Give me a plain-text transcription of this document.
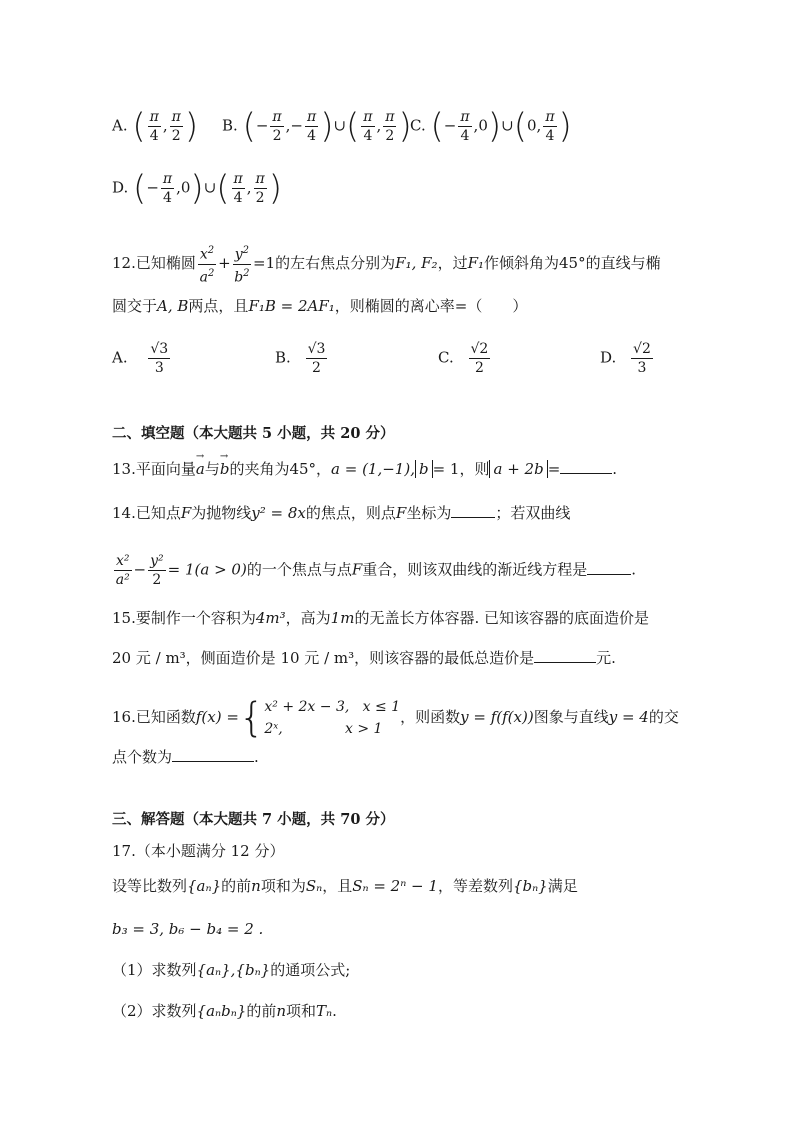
A. ( $\frac{\pi}{4}$ , $\frac{\pi}{2}$ ) B. (− $\frac{\pi}{2}$ ,− $\frac{\pi}{4}$ )∪( $\frac{\pi}{4}$ , $\frac{\pi}{2}$ )
C. (− $\frac{\pi}{4}$ ,0)∪(0, $\frac{\pi}{4}$ )
D. (− $\frac{\pi}{4}$ ,0)∪( $\frac{\pi}{4}$ , $\frac{\pi}{2}$ )
12.已知椭圆 $\frac{x^2}{a^2} + \frac{y^2}{b^2} =1$的左右焦点分别为F₁, F₂，过F₁作倾斜角为45°的直线与椭
圆交于A, B两点，且F₁B = 2AF₁，则椭圆的离心率=（　　）
A. $\frac{√3}{3}$	B. $\frac{√3}{2}$	C. $\frac{√2}{2}$	D. $\frac{√2}{3}$
二、填空题（本大题共 5 小题，共 20 分）
13.平面向量→ a与→ b的夹角为45°，a = (1,−1), b = 1，则 a + 2b =	.
14.已知点F为抛物线y² = 8x的焦点，则点F坐标为	；若双曲线
$\frac{\text{x²}}{\text{a²}} - \frac{\text{y²}}{2} = 1(a > 0)$的一个焦点与点F重合，则该双曲线的渐近线方程是	.
15.要制作一个容积为4m³，高为1m的无盖长方体容器. 已知该容器的底面造价是
20 元 / m³，侧面造价是 10 元 / m³，则该容器的最低总造价是	元.
16.已知函数f(x) ={x² + 2x − 3, x ≤ 1
2ˣ,	x > 1，则函数y = f(f(x))图象与直线y = 4的交
点个数为	.
三、解答题（本大题共 7 小题，共 70 分）
17.（本小题满分 12 分）
设等比数列{aₙ}的前n项和为Sₙ，且Sₙ = 2ⁿ − 1，等差数列{bₙ}满足
b₃ = 3, b₆ − b₄ = 2 .
（1）求数列{aₙ},{bₙ}的通项公式;
（2）求数列{aₙbₙ}的前n项和Tₙ.
